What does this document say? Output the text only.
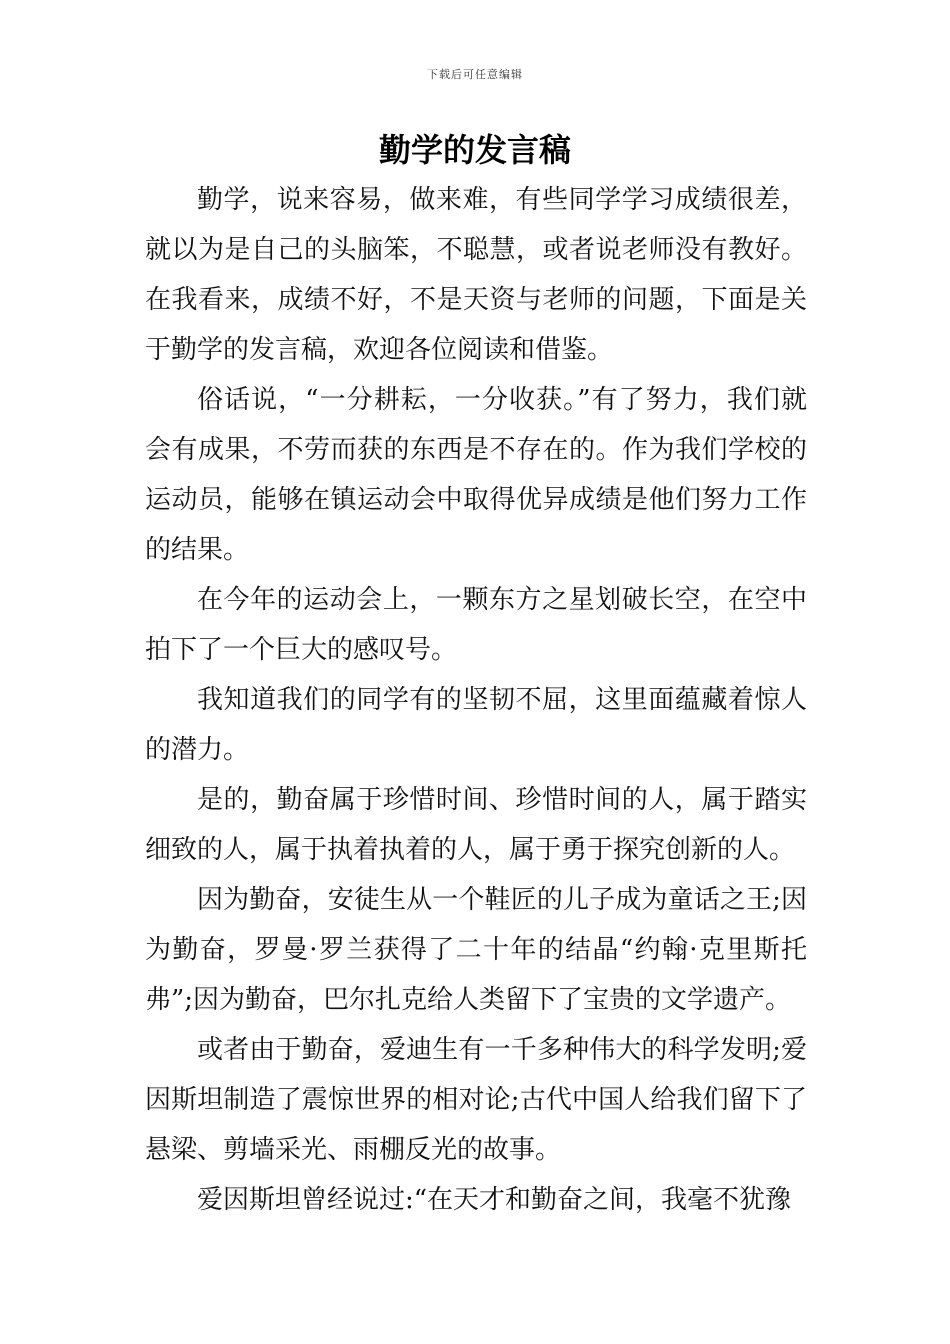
下载后可任意编辑
勤学的发言稿

勤学，说来容易，做来难，有些同学学习成绩很差，就以为是自己的头脑笨，不聪慧，或者说老师没有教好。在我看来，成绩不好，不是天资与老师的问题，下面是关于勤学的发言稿，欢迎各位阅读和借鉴。

俗话说，“一分耕耘，一分收获。”有了努力，我们就会有成果，不劳而获的东西是不存在的。作为我们学校的运动员，能够在镇运动会中取得优异成绩是他们努力工作的结果。

在今年的运动会上，一颗东方之星划破长空，在空中拍下了一个巨大的感叹号。

我知道我们的同学有的坚韧不屈，这里面蕴藏着惊人的潜力。

是的，勤奋属于珍惜时间、珍惜时间的人，属于踏实细致的人，属于执着执着的人，属于勇于探究创新的人。

因为勤奋，安徒生从一个鞋匠的儿子成为童话之王;因为勤奋，罗曼·罗兰获得了二十年的结晶“约翰·克里斯托弗”;因为勤奋，巴尔扎克给人类留下了宝贵的文学遗产。

或者由于勤奋，爱迪生有一千多种伟大的科学发明;爱因斯坦制造了震惊世界的相对论;古代中国人给我们留下了悬梁、剪墙采光、雨棚反光的故事。

爱因斯坦曾经说过:“在天才和勤奋之间，我毫不犹豫
